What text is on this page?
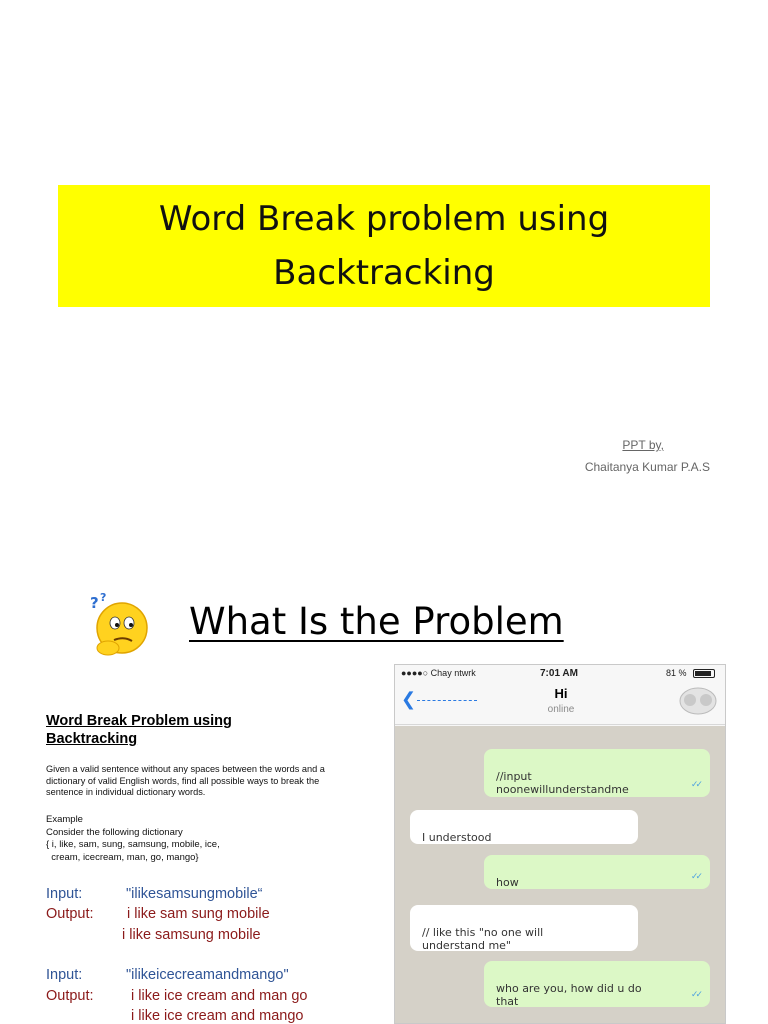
Word Break problem using
Backtracking
PPT by,
Chaitanya Kumar P.A.S
? ?
What Is the Problem
Word Break Problem using
Backtracking
Given a valid sentence without any spaces between the words and a dictionary of valid English words, find all possible ways to break the sentence in individual dictionary words.
Example
Consider the following dictionary
{ i, like, sam, sung, samsung, mobile, ice,
cream, icecream, man, go, mango}
Input:	"ilikesamsungmobile“
Output: i like sam sung mobile
i like samsung mobile
Input:	"ilikeicecreamandmango"
Output:	i like ice cream and man go
i like ice cream and mango
●●●●○ Chay ntwrk	7:01 AM	81 %
❮	Hi
online

//input
noonewillunderstandme	✓✓

I understood

how	✓✓

// like this "no one will
understand me"

who are you, how did u do
that	✓✓
